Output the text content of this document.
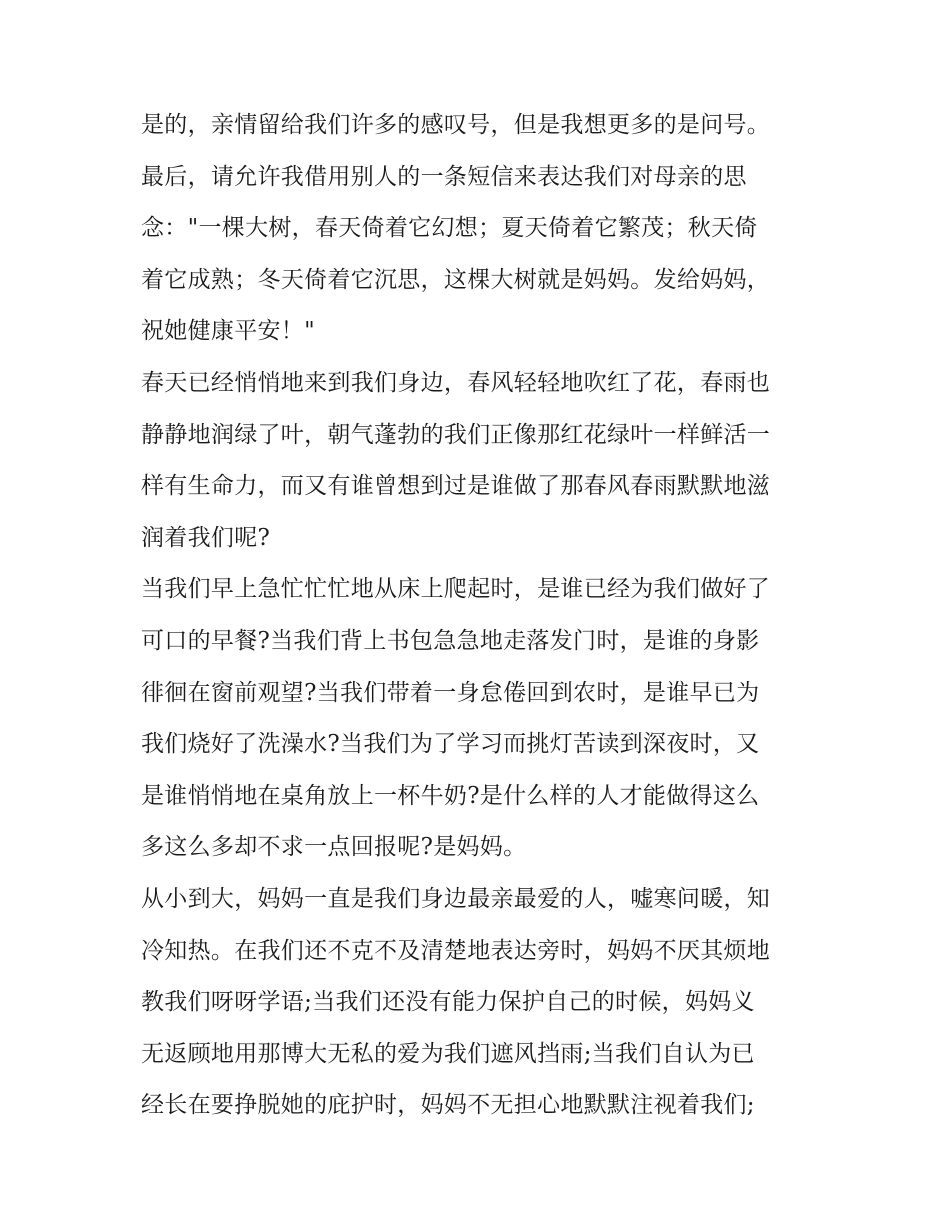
是的，亲情留给我们许多的感叹号，但是我想更多的是问号。
最后，请允许我借用别人的一条短信来表达我们对母亲的思
念："一棵大树，春天倚着它幻想；夏天倚着它繁茂；秋天倚
着它成熟；冬天倚着它沉思，这棵大树就是妈妈。发给妈妈，
祝她健康平安！"
春天已经悄悄地来到我们身边，春风轻轻地吹红了花，春雨也
静静地润绿了叶，朝气蓬勃的我们正像那红花绿叶一样鲜活一
样有生命力，而又有谁曾想到过是谁做了那春风春雨默默地滋
润着我们呢?
当我们早上急忙忙忙地从床上爬起时，是谁已经为我们做好了
可口的早餐?当我们背上书包急急地走落发门时，是谁的身影
徘徊在窗前观望?当我们带着一身怠倦回到农时，是谁早已为
我们烧好了洗澡水?当我们为了学习而挑灯苦读到深夜时，又
是谁悄悄地在桌角放上一杯牛奶?是什么样的人才能做得这么
多这么多却不求一点回报呢?是妈妈。
从小到大，妈妈一直是我们身边最亲最爱的人，嘘寒问暖，知
冷知热。在我们还不克不及清楚地表达旁时，妈妈不厌其烦地
教我们呀呀学语;当我们还没有能力保护自己的时候，妈妈义
无返顾地用那博大无私的爱为我们遮风挡雨;当我们自认为已
经长在要挣脱她的庇护时，妈妈不无担心地默默注视着我们;
